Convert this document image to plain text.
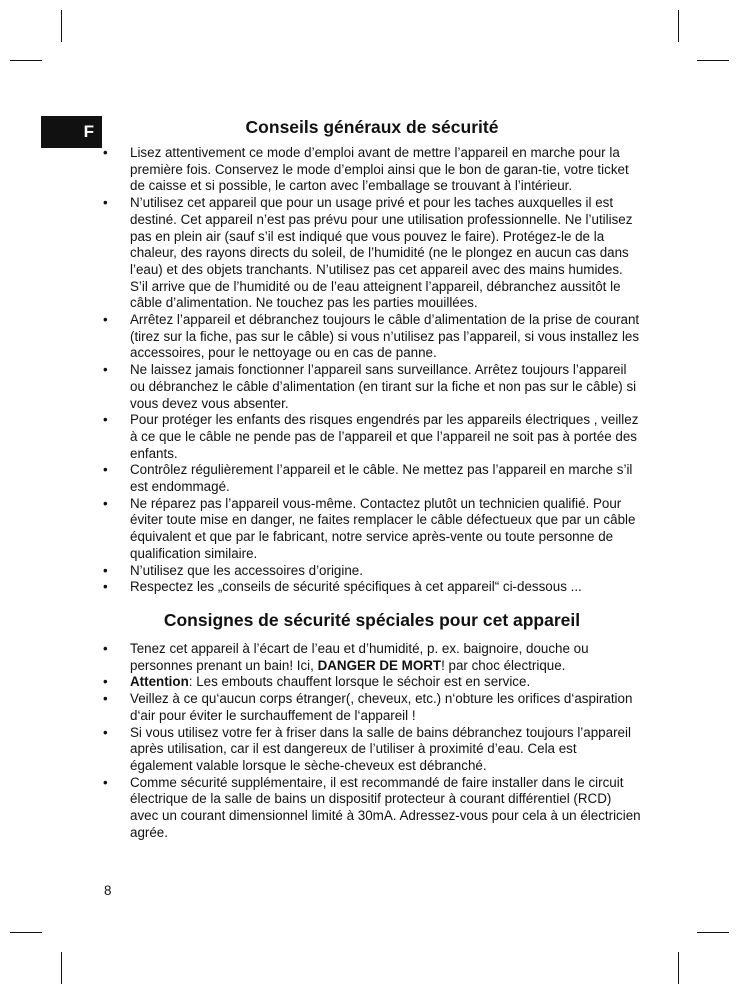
F	Conseils généraux de sécurité
•	Lisez attentivement ce mode d’emploi avant de mettre l’appareil en marche pour la première fois. Conservez le mode d’emploi ainsi que le bon de garan-tie, votre ticket de caisse et si possible, le carton avec l’emballage se trouvant à l’intérieur.
•	N’utilisez cet appareil que pour un usage privé et pour les taches auxquelles il est destiné. Cet appareil n’est pas prévu pour une utilisation professionnelle. Ne l’utilisez pas en plein air (sauf s’il est indiqué que vous pouvez le faire). Protégez-le de la chaleur, des rayons directs du soleil, de l’humidité (ne le plongez en aucun cas dans l’eau) et des objets tranchants. N’utilisez pas cet appareil avec des mains humides. S’il arrive que de l’humidité ou de l’eau atteignent l’appareil, débranchez aussitôt le câble d’alimentation. Ne touchez pas les parties mouillées.
•	Arrêtez l’appareil et débranchez toujours le câble d’alimentation de la prise de courant (tirez sur la fiche, pas sur le câble) si vous n’utilisez pas l’appareil, si vous installez les accessoires, pour le nettoyage ou en cas de panne.
•	Ne laissez jamais fonctionner l’appareil sans surveillance. Arrêtez toujours l’appareil ou débranchez le câble d’alimentation (en tirant sur la fiche et non pas sur le câble) si vous devez vous absenter.
•	Pour protéger les enfants des risques engendrés par les appareils électriques , veillez à ce que le câble ne pende pas de l’appareil et que l’appareil ne soit pas à portée des enfants.
•	Contrôlez régulièrement l’appareil et le câble. Ne mettez pas l’appareil en marche s’il est endommagé.
•	Ne réparez pas l’appareil vous-même. Contactez plutôt un technicien qualifié. Pour éviter toute mise en danger, ne faites remplacer le câble défectueux que par un câble équivalent et que par le fabricant, notre service après-vente ou toute personne de qualification similaire.
•	N’utilisez que les accessoires d’origine.
•	Respectez les „conseils de sécurité spécifiques à cet appareil“ ci-dessous ...
Consignes de sécurité spéciales pour cet appareil
•	Tenez cet appareil à l’écart de l’eau et d’humidité, p. ex. baignoire, douche ou personnes prenant un bain! Ici, DANGER DE MORT! par choc électrique.
•	Attention: Les embouts chauffent lorsque le séchoir est en service.
•	Veillez à ce qu‘aucun corps étranger(, cheveux, etc.) n‘obture les orifices d‘aspiration d‘air pour éviter le surchauffement de l‘appareil !
•	Si vous utilisez votre fer à friser dans la salle de bains débranchez toujours l’appareil après utilisation, car il est dangereux de l’utiliser à proximité d’eau. Cela est également valable lorsque le sèche-cheveux est débranché.
•	Comme sécurité supplémentaire, il est recommandé de faire installer dans le circuit électrique de la salle de bains un dispositif protecteur à courant différentiel (RCD) avec un courant dimensionnel limité à 30mA. Adressez-vous pour cela à un électricien agrée.
8
